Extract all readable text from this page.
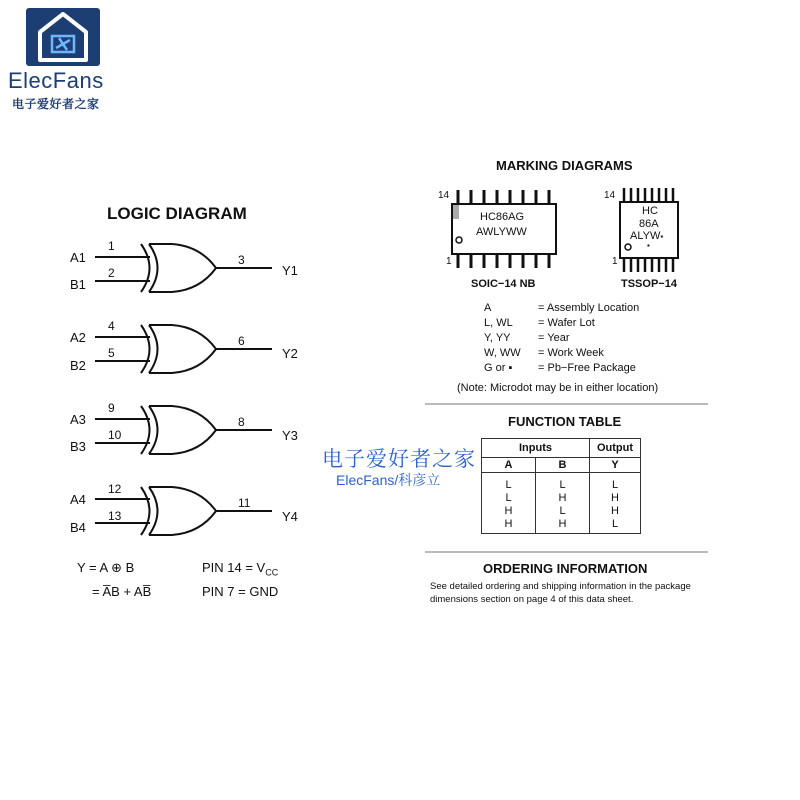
ElecFans
电子爱好者之家
LOGIC DIAGRAM
A1
B1
1
2
3
Y1
A2
B2
4
5
6
Y2
A3
B3
9
10
8
Y3
A4
B4
12
13
11
Y4
Y = A ⊕ B
= A̅B + AB̅
PIN $14 = V_{CC}$
PIN 7 = GND
MARKING DIAGRAMS
14
1
HC86AG
AWLYWW
SOIC−14 NB
14
1
HC
86A
ALYW▪
▪
TSSOP−14
A	= Assembly Location
L, WL = Wafer Lot
Y, YY = Year
W, WW = Work Week
G or ▪ = Pb−Free Package
(Note: Microdot may be in either location)
FUNCTION TABLE
Inputs		Output
A	B	Y
L	L	L
L	H	H
H	L	H
H	H	L
ORDERING INFORMATION
See detailed ordering and shipping information in the package dimensions section on page 4 of this data sheet.
电子爱好者之家
ElecFans/科彦立
